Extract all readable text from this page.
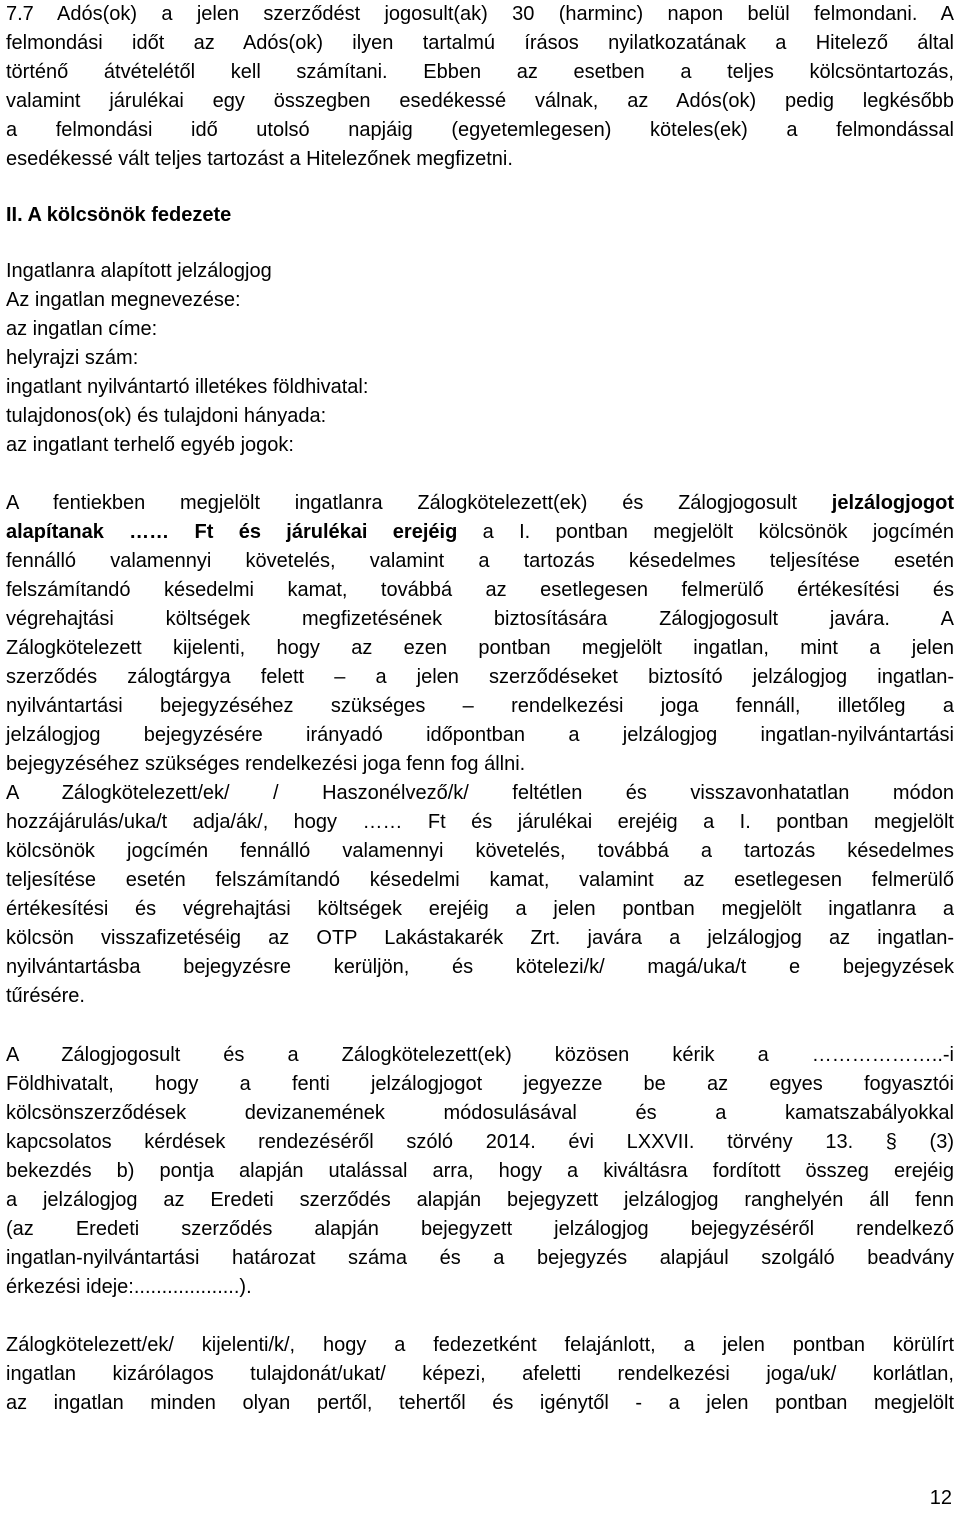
7.7 Adós(ok) a jelen szerződést jogosult(ak) 30 (harminc) napon belül felmondani. A

felmondási időt az Adós(ok) ilyen tartalmú írásos nyilatkozatának a Hitelező által

történő átvételétől kell számítani. Ebben az esetben a teljes kölcsöntartozás,

valamint járulékai egy összegben esedékessé válnak, az Adós(ok) pedig legkésőbb

a felmondási idő utolsó napjáig (egyetemlegesen) köteles(ek) a felmondással

esedékessé vált teljes tartozást a Hitelezőnek megfizetni.

II. A kölcsönök fedezete

Ingatlanra alapított jelzálogjog

Az ingatlan megnevezése:

az ingatlan címe:

helyrajzi szám:

ingatlant nyilvántartó illetékes földhivatal:

tulajdonos(ok) és tulajdoni hányada:

az ingatlant terhelő egyéb jogok:

A fentiekben megjelölt ingatlanra Zálogkötelezett(ek) és Zálogjogosult jelzálogjogot

alapítanak …… Ft és járulékai erejéig a I. pontban megjelölt kölcsönök jogcímén

fennálló valamennyi követelés, valamint a tartozás késedelmes teljesítése esetén

felszámítandó késedelmi kamat, továbbá az esetlegesen felmerülő értékesítési és

végrehajtási költségek megfizetésének biztosítására Zálogjogosult javára. A

Zálogkötelezett kijelenti, hogy az ezen pontban megjelölt ingatlan, mint a jelen

szerződés zálogtárgya felett – a jelen szerződéseket biztosító jelzálogjog ingatlan-

nyilvántartási bejegyzéséhez szükséges – rendelkezési joga fennáll, illetőleg a

jelzálogjog bejegyzésére irányadó időpontban a jelzálogjog ingatlan-nyilvántartási

bejegyzéséhez szükséges rendelkezési joga fenn fog állni.

A Zálogkötelezett/ek/ / Haszonélvező/k/ feltétlen és visszavonhatatlan módon

hozzájárulás/uka/t adja/ák/, hogy …… Ft és járulékai erejéig a I. pontban megjelölt

kölcsönök jogcímén fennálló valamennyi követelés, továbbá a tartozás késedelmes

teljesítése esetén felszámítandó késedelmi kamat, valamint az esetlegesen felmerülő

értékesítési és végrehajtási költségek erejéig a jelen pontban megjelölt ingatlanra a

kölcsön visszafizetéséig az OTP Lakástakarék Zrt. javára a jelzálogjog az ingatlan-

nyilvántartásba bejegyzésre kerüljön, és kötelezi/k/ magá/uka/t e bejegyzések

tűrésére.

A Zálogjogosult és a Zálogkötelezett(ek) közösen kérik a ………………..-i

Földhivatalt, hogy a fenti jelzálogjogot jegyezze be az egyes fogyasztói

kölcsönszerződések devizanemének módosulásával és a kamatszabályokkal

kapcsolatos kérdések rendezéséről szóló 2014. évi LXXVII. törvény 13. § (3)

bekezdés b) pontja alapján utalással arra, hogy a kiváltásra fordított összeg erejéig

a jelzálogjog az Eredeti szerződés alapján bejegyzett jelzálogjog ranghelyén áll fenn

(az Eredeti szerződés alapján bejegyzett jelzálogjog bejegyzéséről rendelkező

ingatlan-nyilvántartási határozat száma és a bejegyzés alapjául szolgáló beadvány

érkezési ideje:...................).

Zálogkötelezett/ek/ kijelenti/k/, hogy a fedezetként felajánlott, a jelen pontban körülírt

ingatlan kizárólagos tulajdonát/ukat/ képezi, afeletti rendelkezési joga/uk/ korlátlan,

az ingatlan minden olyan pertől, tehertől és igénytől - a jelen pontban megjelölt

12
